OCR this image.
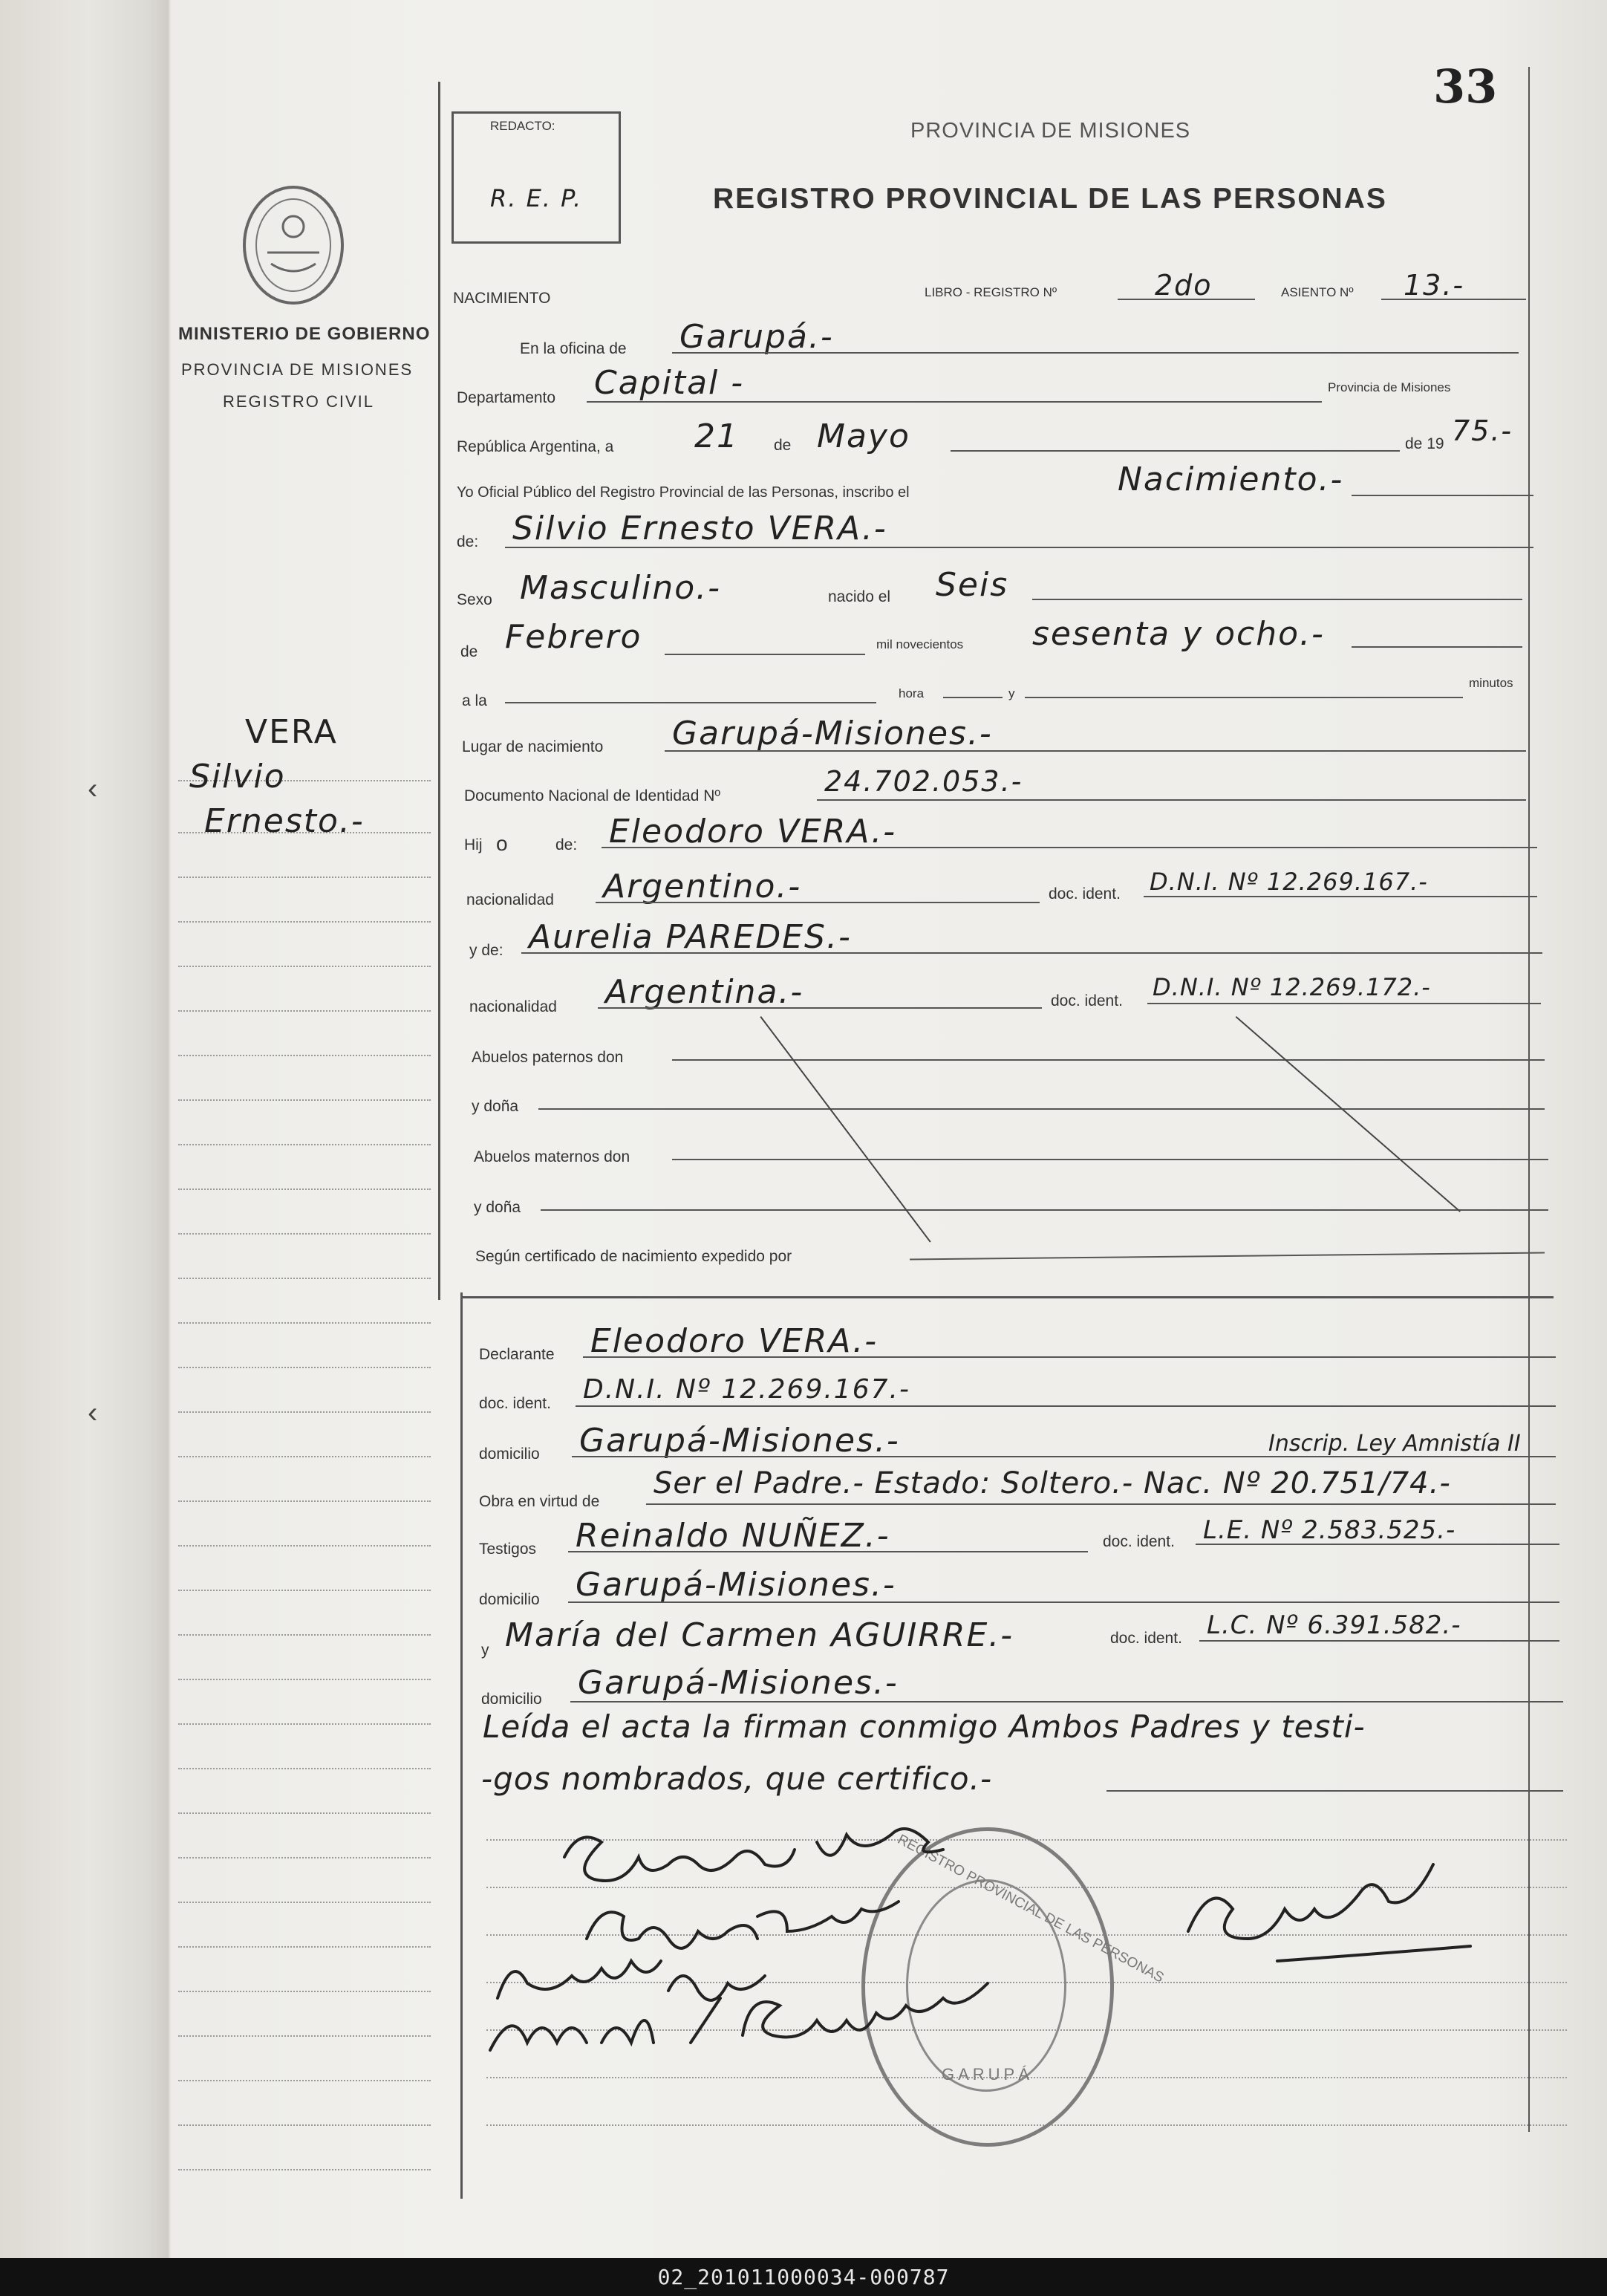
MINISTERIO DE GOBIERNO
PROVINCIA DE MISIONES
REGISTRO CIVIL
VERA
Silvio
Ernesto.-
REDACTO:
R. E. P.
33
PROVINCIA DE MISIONES
REGISTRO PROVINCIAL DE LAS PERSONAS
NACIMIENTO	LIBRO - REGISTRO Nº	2do	ASIENTO Nº 13.-
En la oficina de Garupá.-
Departamento Capital -	Provincia de Misiones
República Argentina, a 21 de Mayo	de 19 75.-
Yo Oficial Público del Registro Provincial de las Personas, inscribo el	Nacimiento.-
de: Silvio Ernesto VERA.-
Sexo Masculino.-	nacido el Seis
de Febrero	mil novecientos sesenta y ocho.-
a la	hora	y
minutos
Lugar de nacimiento Garupá-Misiones.-
Documento Nacional de Identidad Nº	24.702.053.-
Hij o	de: Eleodoro VERA.-
nacionalidad Argentino.-	doc. ident. D.N.I. Nº 12.269.167.-
y de: Aurelia PAREDES.-
nacionalidad Argentina.-	doc. ident. D.N.I. Nº 12.269.172.-
Abuelos paternos don
y doña
Abuelos maternos don
y doña
Según certificado de nacimiento expedido por
Declarante Eleodoro VERA.-
doc. ident. D.N.I. Nº 12.269.167.-
domicilio Garupá-Misiones.-	Inscrip. Ley Amnistía II
Obra en virtud de
Ser el Padre.- Estado: Soltero.- Nac. Nº 20.751/74.-
Testigos Reinaldo NUÑEZ.-	doc. ident. L.E. Nº 2.583.525.-
domicilio Garupá-Misiones.-
y María del Carmen AGUIRRE.-	doc. ident. L.C. Nº 6.391.582.-
domicilio Garupá-Misiones.-
Leída el acta la firman conmigo Ambos Padres y testi-
-gos nombrados, que certifico.-
REGISTRO PROVINCIAL DE LAS PERSONAS
GARUPÁ
‹
‹
02_201011000034-000787
